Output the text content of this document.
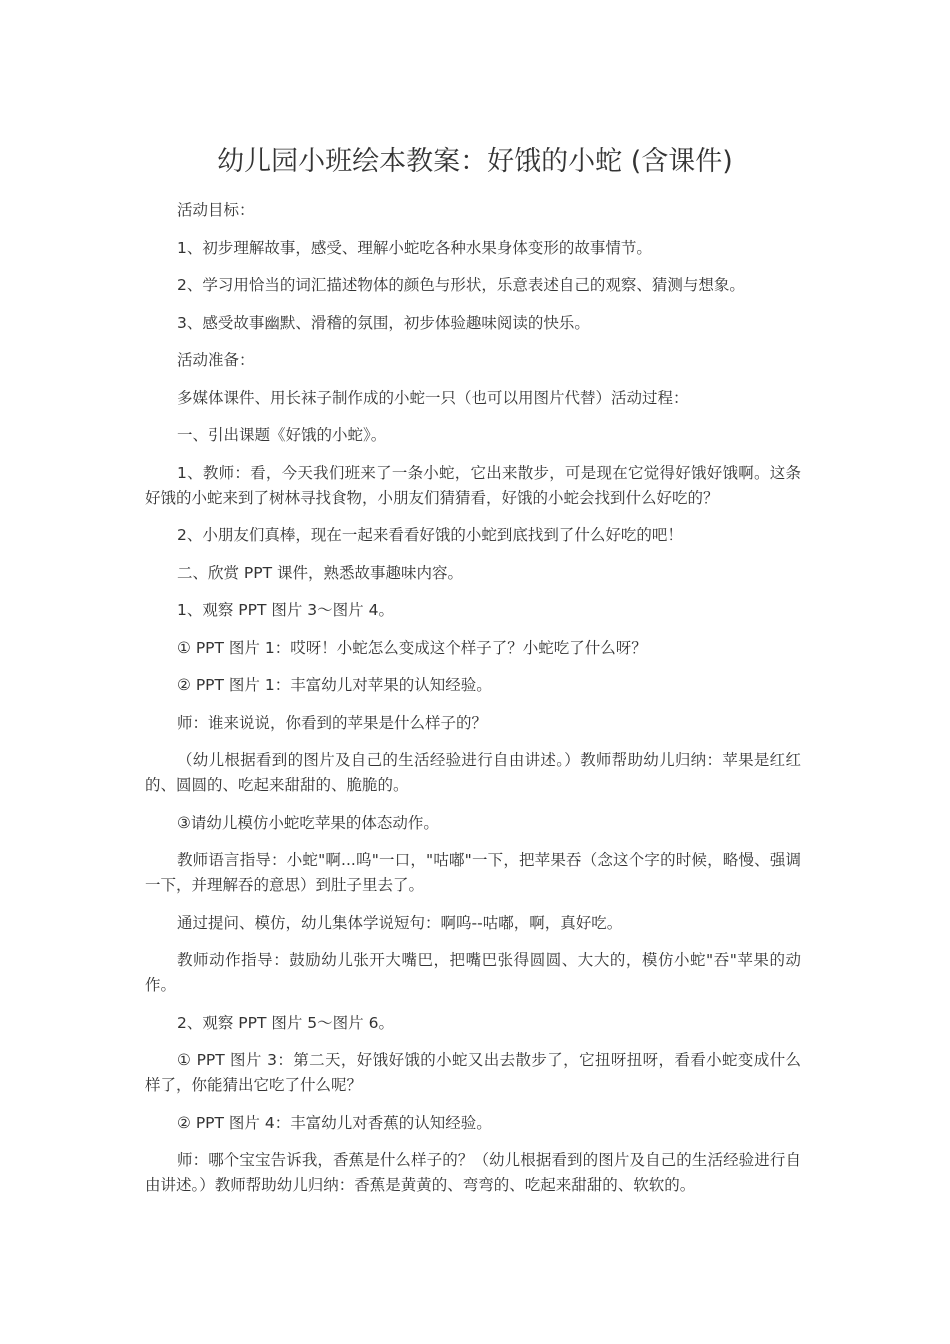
幼儿园小班绘本教案：好饿的小蛇 (含课件)

活动目标：

1、初步理解故事，感受、理解小蛇吃各种水果身体变形的故事情节。

2、学习用恰当的词汇描述物体的颜色与形状，乐意表述自己的观察、猜测与想象。

3、感受故事幽默、滑稽的氛围，初步体验趣味阅读的快乐。

活动准备：

多媒体课件、用长袜子制作成的小蛇一只（也可以用图片代替）活动过程：

一、引出课题《好饿的小蛇》。

1、教师：看，今天我们班来了一条小蛇，它出来散步，可是现在它觉得好饿好饿啊。这条好饿的小蛇来到了树林寻找食物，小朋友们猜猜看，好饿的小蛇会找到什么好吃的？

2、小朋友们真棒，现在一起来看看好饿的小蛇到底找到了什么好吃的吧！

二、欣赏 PPT 课件，熟悉故事趣味内容。

1、观察 PPT 图片 3～图片 4。

① PPT 图片 1：哎呀！小蛇怎么变成这个样子了？小蛇吃了什么呀？

② PPT 图片 1：丰富幼儿对苹果的认知经验。

师：谁来说说，你看到的苹果是什么样子的？

（幼儿根据看到的图片及自己的生活经验进行自由讲述。）教师帮助幼儿归纳：苹果是红红的、圆圆的、吃起来甜甜的、脆脆的。

③请幼儿模仿小蛇吃苹果的体态动作。

教师语言指导：小蛇"啊...呜"一口，"咕嘟"一下，把苹果吞（念这个字的时候，略慢、强调一下，并理解吞的意思）到肚子里去了。

通过提问、模仿，幼儿集体学说短句：啊呜--咕嘟，啊，真好吃。

教师动作指导：鼓励幼儿张开大嘴巴，把嘴巴张得圆圆、大大的，模仿小蛇"吞"苹果的动作。

2、观察 PPT 图片 5～图片 6。

① PPT 图片 3：第二天，好饿好饿的小蛇又出去散步了，它扭呀扭呀，看看小蛇变成什么样了，你能猜出它吃了什么呢？

② PPT 图片 4：丰富幼儿对香蕉的认知经验。

师：哪个宝宝告诉我，香蕉是什么样子的？（幼儿根据看到的图片及自己的生活经验进行自由讲述。）教师帮助幼儿归纳：香蕉是黄黄的、弯弯的、吃起来甜甜的、软软的。
